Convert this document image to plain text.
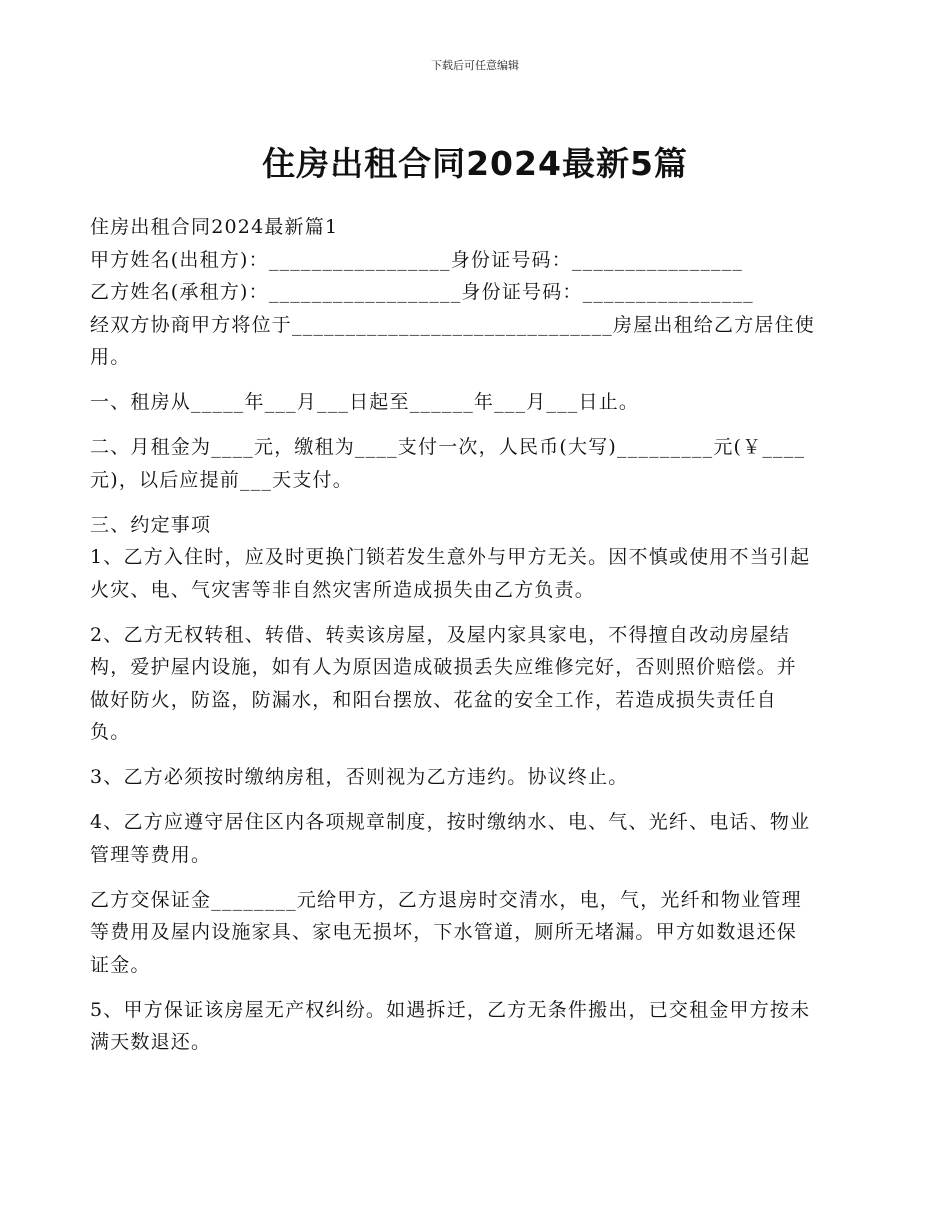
下载后可任意编辑
住房出租合同2024最新5篇
住房出租合同2024最新篇1
甲方姓名(出租方)：_________________身份证号码：________________
乙方姓名(承租方)：__________________身份证号码：________________
经双方协商甲方将位于______________________________房屋出租给乙方居住使
用。
一、租房从_____年___月___日起至______年___月___日止。
二、月租金为____元，缴租为____支付一次，人民币(大写)_________元(￥____
元)，以后应提前___天支付。
三、约定事项
1、乙方入住时，应及时更换门锁若发生意外与甲方无关。因不慎或使用不当引起
火灾、电、气灾害等非自然灾害所造成损失由乙方负责。
2、乙方无权转租、转借、转卖该房屋，及屋内家具家电，不得擅自改动房屋结
构，爱护屋内设施，如有人为原因造成破损丢失应维修完好，否则照价赔偿。并
做好防火，防盗，防漏水，和阳台摆放、花盆的安全工作，若造成损失责任自
负。
3、乙方必须按时缴纳房租，否则视为乙方违约。协议终止。
4、乙方应遵守居住区内各项规章制度，按时缴纳水、电、气、光纤、电话、物业
管理等费用。
乙方交保证金________元给甲方，乙方退房时交清水，电，气，光纤和物业管理
等费用及屋内设施家具、家电无损坏，下水管道，厕所无堵漏。甲方如数退还保
证金。
5、甲方保证该房屋无产权纠纷。如遇拆迁，乙方无条件搬出，已交租金甲方按未
满天数退还。
